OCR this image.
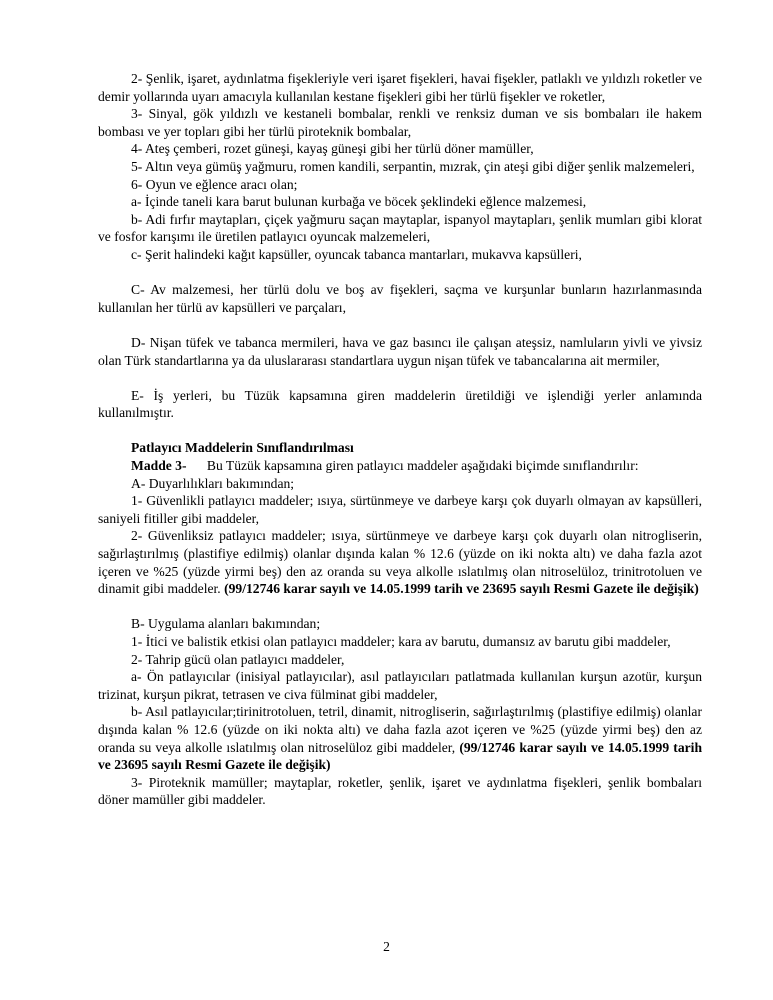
2- Şenlik, işaret, aydınlatma fişekleriyle veri işaret fişekleri, havai fişekler, patlaklı ve yıldızlı roketler ve demir yollarında uyarı amacıyla kullanılan kestane fişekleri gibi her türlü fişekler ve roketler,

3- Sinyal, gök yıldızlı ve kestaneli bombalar, renkli ve renksiz duman ve sis bombaları ile hakem bombası ve yer topları gibi her türlü piroteknik bombalar,

4- Ateş çemberi, rozet güneşi, kayaş güneşi gibi her türlü döner mamüller,

5- Altın veya gümüş yağmuru, romen kandili, serpantin, mızrak, çin ateşi gibi diğer şenlik malzemeleri,

6- Oyun ve eğlence aracı olan;

a- İçinde taneli kara barut bulunan kurbağa ve böcek şeklindeki eğlence malzemesi,

b- Adi fırfır maytapları, çiçek yağmuru saçan maytaplar, ispanyol maytapları, şenlik mumları gibi klorat ve fosfor karışımı ile üretilen patlayıcı oyuncak malzemeleri,

c- Şerit halindeki kağıt kapsüller, oyuncak tabanca mantarları, mukavva kapsülleri,

C- Av malzemesi, her türlü dolu ve boş av fişekleri, saçma ve kurşunlar bunların hazırlanmasında kullanılan her türlü av kapsülleri ve parçaları,

D- Nişan tüfek ve tabanca mermileri, hava ve gaz basıncı ile çalışan ateşsiz, namluların yivli ve yivsiz olan Türk standartlarına ya da uluslararası standartlara uygun nişan tüfek ve tabancalarına ait mermiler,

E- İş yerleri, bu Tüzük kapsamına giren maddelerin üretildiği ve işlendiği yerler anlamında kullanılmıştır.

Patlayıcı Maddelerin Sınıflandırılması

Madde 3- Bu Tüzük kapsamına giren patlayıcı maddeler aşağıdaki biçimde sınıflandırılır:

A- Duyarlılıkları bakımından;

1- Güvenlikli patlayıcı maddeler; ısıya, sürtünmeye ve darbeye karşı çok duyarlı olmayan av kapsülleri, saniyeli fitiller gibi maddeler,

2- Güvenliksiz patlayıcı maddeler; ısıya, sürtünmeye ve darbeye karşı çok duyarlı olan nitrogliserin, sağırlaştırılmış (plastifiye edilmiş) olanlar dışında kalan % 12.6 (yüzde on iki nokta altı) ve daha fazla azot içeren ve %25 (yüzde yirmi beş) den az oranda su veya alkolle ıslatılmış olan nitroselüloz, trinitrotoluen ve dinamit gibi maddeler. (99/12746 karar sayılı ve 14.05.1999 tarih ve 23695 sayılı Resmi Gazete ile değişik)

B- Uygulama alanları bakımından;

1- İtici ve balistik etkisi olan patlayıcı maddeler; kara av barutu, dumansız av barutu gibi maddeler,

2- Tahrip gücü olan patlayıcı maddeler,

a- Ön patlayıcılar (inisiyal patlayıcılar), asıl patlayıcıları patlatmada kullanılan kurşun azotür, kurşun trizinat, kurşun pikrat, tetrasen ve civa fülminat gibi maddeler,

b- Asıl patlayıcılar;tirinitrotoluen, tetril, dinamit, nitrogliserin, sağırlaştırılmış (plastifiye edilmiş) olanlar dışında kalan % 12.6 (yüzde on iki nokta altı) ve daha fazla azot içeren ve %25 (yüzde yirmi beş) den az oranda su veya alkolle ıslatılmış olan nitroselüloz gibi maddeler, (99/12746 karar sayılı ve 14.05.1999 tarih ve 23695 sayılı Resmi Gazete ile değişik)

3- Piroteknik mamüller; maytaplar, roketler, şenlik, işaret ve aydınlatma fişekleri, şenlik bombaları döner mamüller gibi maddeler.

2
